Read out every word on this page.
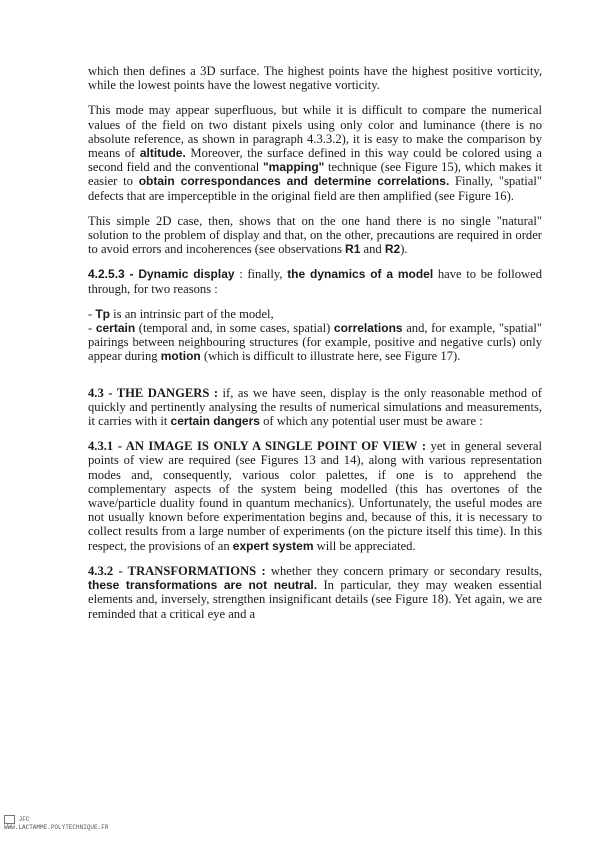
which then defines a 3D surface. The highest points have the highest positive vorticity, while the lowest points have the lowest negative vorticity.

This mode may appear superfluous, but while it is difficult to compare the numerical values of the field on two distant pixels using only color and luminance (there is no absolute reference, as shown in paragraph 4.3.3.2), it is easy to make the comparison by means of altitude. Moreover, the surface defined in this way could be colored using a second field and the conventional "mapping" technique (see Figure 15), which makes it easier to obtain correspondances and determine correlations. Finally, "spatial" defects that are imperceptible in the original field are then amplified (see Figure 16).

This simple 2D case, then, shows that on the one hand there is no single "natural" solution to the problem of display and that, on the other, precautions are required in order to avoid errors and incoherences (see observations R1 and R2).

4.2.5.3 - Dynamic display : finally, the dynamics of a model have to be followed through, for two reasons :

- Tp is an intrinsic part of the model,

- certain (temporal and, in some cases, spatial) correlations and, for example, "spatial" pairings between neighbouring structures (for example, positive and negative curls) only appear during motion (which is difficult to illustrate here, see Figure 17).

4.3 - THE DANGERS : if, as we have seen, display is the only reasonable method of quickly and pertinently analysing the results of numerical simulations and measurements, it carries with it certain dangers of which any potential user must be aware :

4.3.1 - AN IMAGE IS ONLY A SINGLE POINT OF VIEW : yet in general several points of view are required (see Figures 13 and 14), along with various representation modes and, consequently, various color palettes, if one is to apprehend the complementary aspects of the system being modelled (this has overtones of the wave/particle duality found in quantum mechanics). Unfortunately, the useful modes are not usually known before experimentation begins and, because of this, it is necessary to collect results from a large number of experiments (on the picture itself this time). In this respect, the provisions of an expert system will be appreciated.

4.3.2 - TRANSFORMATIONS : whether they concern primary or secondary results, these transformations are not neutral. In particular, they may weaken essential elements and, inversely, strengthen insignificant details (see Figure 18). Yet again, we are reminded that a critical eye and a

JFC
WWW.LACTAMME.POLYTECHNIQUE.FR
